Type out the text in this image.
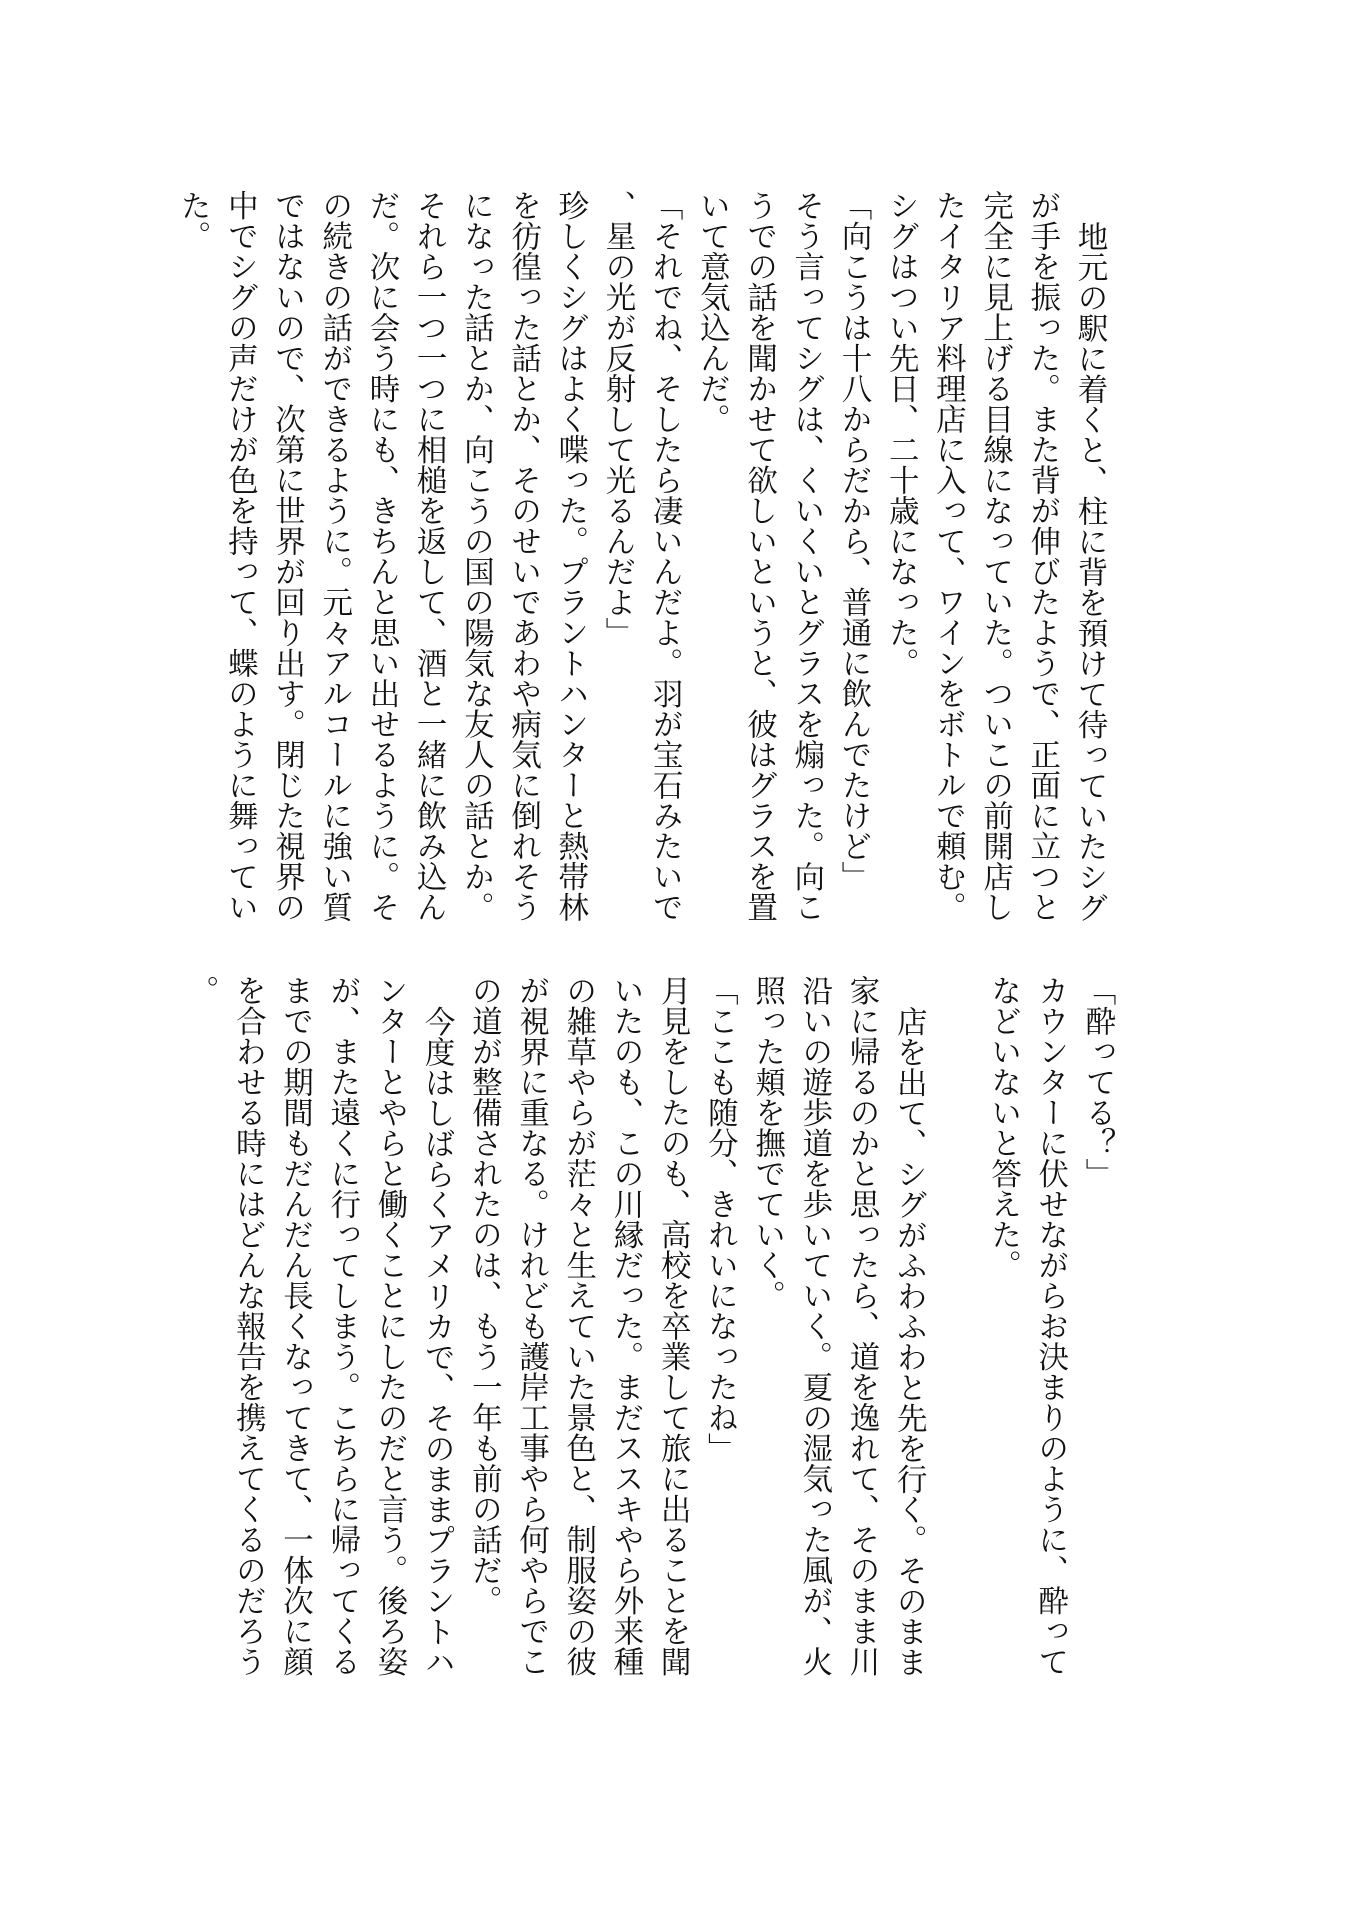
地元の駅に着くと、柱に背を預けて待っていたシグが手を振った。また背が伸びたようで、正面に立つと完全に見上げる目線になっていた。ついこの前開店したイタリア料理店に入って、ワインをボトルで頼む。シグはつい先日、二十歳になった。

「向こうは十八からだから、普通に飲んでたけど」

そう言ってシグは、くいくいとグラスを煽った。向こうでの話を聞かせて欲しいというと、彼はグラスを置いて意気込んだ。

「それでね、そしたら凄いんだよ。羽が宝石みたいで、星の光が反射して光るんだよ」

珍しくシグはよく喋った。プラントハンターと熱帯林を彷徨った話とか、そのせいであわや病気に倒れそうになった話とか、向こうの国の陽気な友人の話とか。それら一つ一つに相槌を返して、酒と一緒に飲み込んだ。次に会う時にも、きちんと思い出せるように。その続きの話ができるように。元々アルコールに強い質ではないので、次第に世界が回り出す。閉じた視界の中でシグの声だけが色を持って、蝶のように舞っていた。

「酔ってる？」

カウンターに伏せながらお決まりのように、酔ってなどいないと答えた。

店を出て、シグがふわふわと先を行く。そのまま家に帰るのかと思ったら、道を逸れて、そのまま川沿いの遊歩道を歩いていく。夏の湿気った風が、火照った頬を撫でていく。

「ここも随分、きれいになったね」

月見をしたのも、高校を卒業して旅に出ることを聞いたのも、この川縁だった。まだススキやら外来種の雑草やらが茫々と生えていた景色と、制服姿の彼が視界に重なる。けれども護岸工事やら何やらでこの道が整備されたのは、もう一年も前の話だ。

今度はしばらくアメリカで、そのままプラントハンターとやらと働くことにしたのだと言う。後ろ姿が、また遠くに行ってしまう。こちらに帰ってくるまでの期間もだんだん長くなってきて、一体次に顔を合わせる時にはどんな報告を携えてくるのだろう。
